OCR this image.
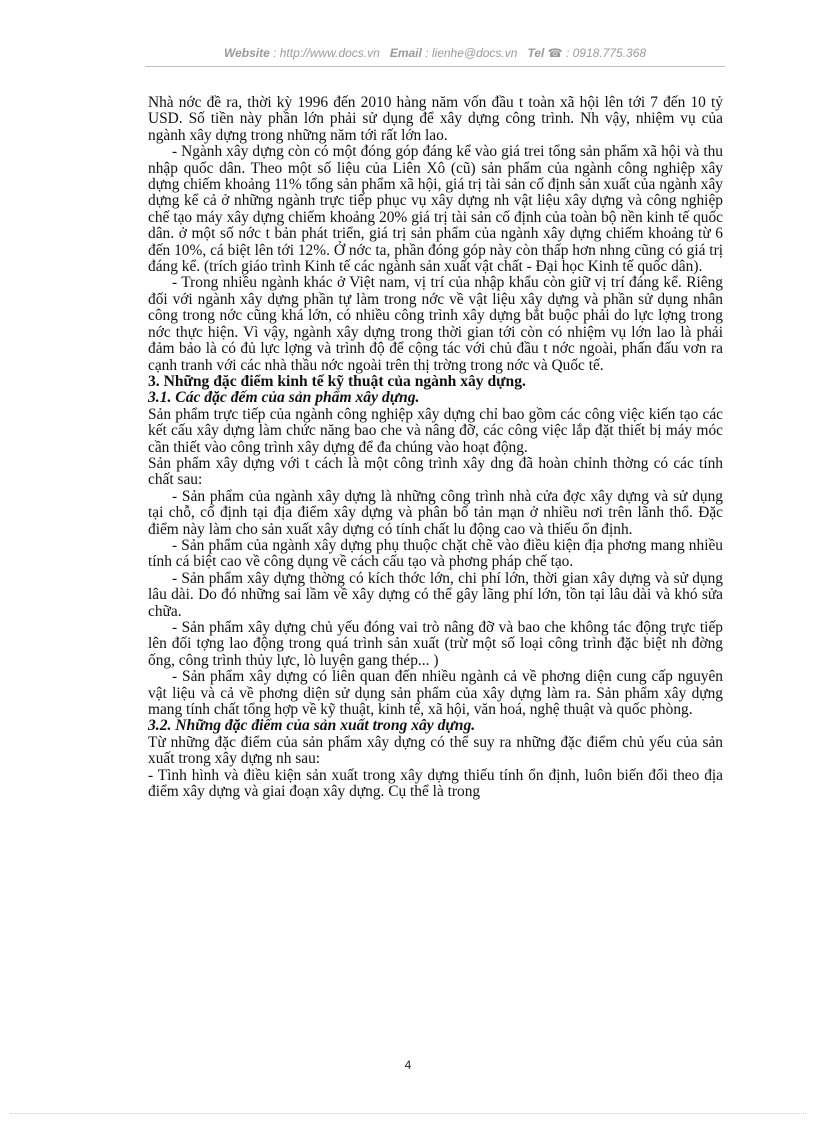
Website : http://www.docs.vn Email : lienhe@docs.vn Tel ☎ : 0918.775.368

Nhà nớc đề ra, thời kỳ 1996 đến 2010 hàng năm vốn đầu t toàn xã hội lên tới 7 đến 10 tỷ USD. Số tiền này phần lớn phải sử dụng để xây dựng công trình. Nh vậy, nhiệm vụ của ngành xây dựng trong những năm tới rất lớn lao.

- Ngành xây dựng còn có một đóng góp đáng kể vào giá trei tổng sản phẩm xã hội và thu nhập quốc dân. Theo một số liệu của Liên Xô (cũ) sản phẩm của ngành công nghiệp xây dựng chiếm khoảng 11% tổng sản phẩm xã hội, giá trị tài sản cố định sản xuất của ngành xây dựng kể cả ở những ngành trực tiếp phục vụ xây dựng nh vật liệu xây dựng và công nghiệp chế tạo máy xây dựng chiếm khoảng 20% giá trị tài sản cố định của toàn bộ nền kinh tế quốc dân. ở một số nớc t bản phát triển, giá trị sản phẩm của ngành xây dựng chiếm khoảng từ 6 đến 10%, cá biệt lên tới 12%. Ở nớc ta, phần đóng góp này còn thấp hơn nhng cũng có giá trị đáng kể. (trích giáo trình Kinh tế các ngành sản xuất vật chất - Đại học Kinh tế quốc dân).

- Trong nhiều ngành khác ở Việt nam, vị trí của nhập khẩu còn giữ vị trí đáng kể. Riêng đối với ngành xây dựng phần tự làm trong nớc về vật liệu xây dựng và phần sử dụng nhân công trong nớc cũng khá lớn, có nhiều công trình xây dựng bắt buộc phải do lực lợng trong nớc thực hiện. Vì vậy, ngành xây dựng trong thời gian tới còn có nhiệm vụ lớn lao là phải đảm bảo là có đủ lực lợng và trình độ để cộng tác với chủ đầu t nớc ngoài, phấn đấu vơn ra cạnh tranh với các nhà thầu nớc ngoài trên thị trờng trong nớc và Quốc tế.

3. Những đặc điểm kinh tế kỹ thuật của ngành xây dựng.

3.1. Các đặc đếm của sản phẩm xây dựng.

Sản phẩm trực tiếp của ngành công nghiệp xây dựng chỉ bao gồm các công việc kiến tạo các kết cấu xây dựng làm chức năng bao che và nâng đỡ, các công việc lắp đặt thiết bị máy móc cần thiết vào công trình xây dựng để đa chúng vào hoạt động.

Sản phẩm xây dựng với t cách là một công trình xây dng đã hoàn chỉnh thờng có các tính chất sau:

- Sản phẩm của ngành xây dựng là những công trình nhà cửa đợc xây dựng và sử dụng tại chỗ, cố định tại địa điểm xây dựng và phân bố tản mạn ở nhiều nơi trên lãnh thổ. Đặc điểm này làm cho sản xuất xây dựng có tính chất lu động cao và thiếu ổn định.

- Sản phẩm của ngành xây dựng phụ thuộc chặt chẽ vào điều kiện địa phơng mang nhiều tính cá biệt cao về công dụng về cách cấu tạo và phơng pháp chế tạo.

- Sản phẩm xây dựng thờng có kích thớc lớn, chi phí lớn, thời gian xây dựng và sử dụng lâu dài. Do đó những sai lầm về xây dựng có thể gây lãng phí lớn, tồn tại lâu dài và khó sửa chữa.

- Sản phẩm xây dựng chủ yếu đóng vai trò nâng đỡ và bao che không tác động trực tiếp lên đối tợng lao động trong quá trình sản xuất (trừ một số loại công trình đặc biệt nh đờng ống, công trình thủy lực, lò luyện gang thép... )

- Sản phẩm xây dựng có liên quan đến nhiều ngành cả về phơng diện cung cấp nguyên vật liệu và cả về phơng diện sử dụng sản phẩm của xây dựng làm ra. Sản phẩm xây dựng mang tính chất tổng hợp về kỹ thuật, kinh tế, xã hội, văn hoá, nghệ thuật và quốc phòng.

3.2. Những đặc điểm của sản xuất trong xây dựng.

Từ những đặc điểm của sản phẩm xây dựng có thể suy ra những đặc điểm chủ yếu của sản xuất trong xây dựng nh sau:

- Tình hình và điều kiện sản xuất trong xây dựng thiếu tính ổn định, luôn biến đổi theo địa điểm xây dựng và giai đoạn xây dựng. Cụ thể là trong

4
